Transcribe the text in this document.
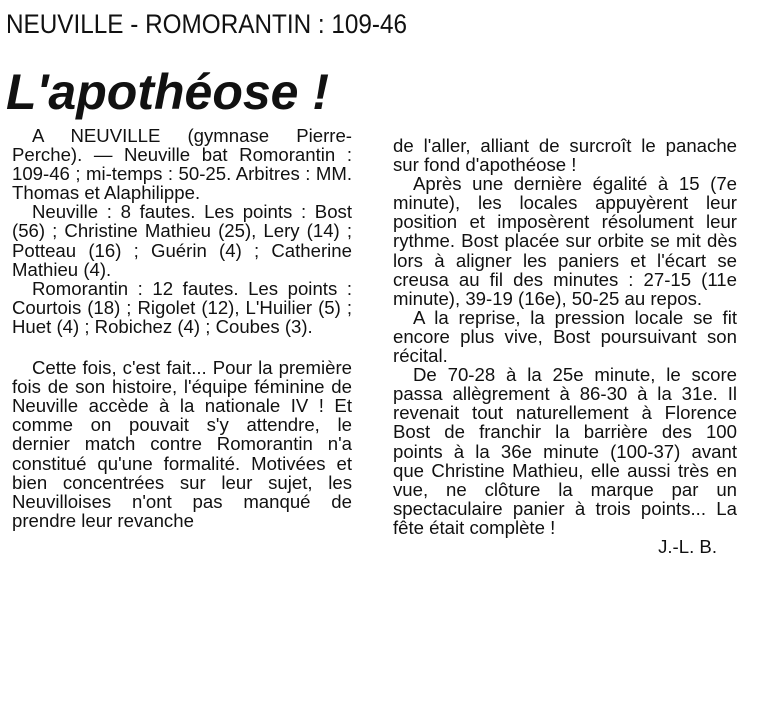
NEUVILLE - ROMORANTIN : 109-46
L'apothéose !

A NEUVILLE (gymnase Pierre-Perche). — Neuville bat Romorantin : 109-46 ; mi-temps : 50-25. Arbitres : MM. Thomas et Alaphilippe.

Neuville : 8 fautes. Les points : Bost (56) ; Christine Mathieu (25), Lery (14) ; Potteau (16) ; Guérin (4) ; Catherine Mathieu (4).

Romorantin : 12 fautes. Les points : Courtois (18) ; Rigolet (12), L'Huilier (5) ; Huet (4) ; Robichez (4) ; Coubes (3).

Cette fois, c'est fait... Pour la première fois de son histoire, l'équipe féminine de Neuville accède à la nationale IV ! Et comme on pouvait s'y attendre, le dernier match contre Romorantin n'a constitué qu'une formalité. Motivées et bien concentrées sur leur sujet, les Neuvilloises n'ont pas manqué de prendre leur revanche

de l'aller, alliant de surcroît le panache sur fond d'apothéose !

Après une dernière égalité à 15 (7e minute), les locales appuyèrent leur position et imposèrent résolument leur rythme. Bost placée sur orbite se mit dès lors à aligner les paniers et l'écart se creusa au fil des minutes : 27-15 (11e minute), 39-19 (16e), 50-25 au repos.

A la reprise, la pression locale se fit encore plus vive, Bost poursuivant son récital.

De 70-28 à la 25e minute, le score passa allègrement à 86-30 à la 31e. Il revenait tout naturellement à Florence Bost de franchir la barrière des 100 points à la 36e minute (100-37) avant que Christine Mathieu, elle aussi très en vue, ne clôture la marque par un spectaculaire panier à trois points... La fête était complète !

J.-L. B.
